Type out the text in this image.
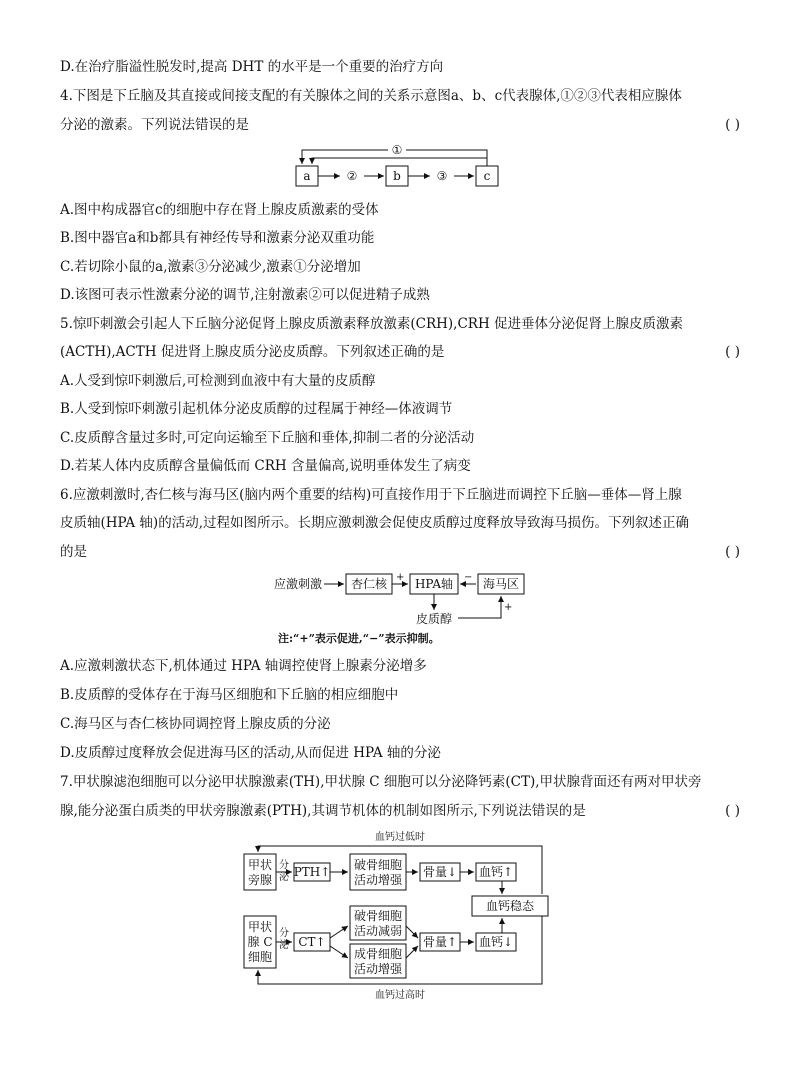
D.在治疗脂溢性脱发时,提高 DHT 的水平是一个重要的治疗方向
4.下图是下丘脑及其直接或间接支配的有关腺体之间的关系示意图a、b、c代表腺体,①②③代表相应腺体
分泌的激素。下列说法错误的是	( )
a	b	c
②	③
①
A.图中构成器官c的细胞中存在肾上腺皮质激素的受体
B.图中器官a和b都具有神经传导和激素分泌双重功能
C.若切除小鼠的a,激素③分泌减少,激素①分泌增加
D.该图可表示性激素分泌的调节,注射激素②可以促进精子成熟
5.惊吓刺激会引起人下丘脑分泌促肾上腺皮质激素释放激素(CRH),CRH 促进垂体分泌促肾上腺皮质激素
(ACTH),ACTH 促进肾上腺皮质分泌皮质醇。下列叙述正确的是	( )
A.人受到惊吓刺激后,可检测到血液中有大量的皮质醇
B.人受到惊吓刺激引起机体分泌皮质醇的过程属于神经—体液调节
C.皮质醇含量过多时,可定向运输至下丘脑和垂体,抑制二者的分泌活动
D.若某人体内皮质醇含量偏低而 CRH 含量偏高,说明垂体发生了病变
6.应激刺激时,杏仁核与海马区(脑内两个重要的结构)可直接作用于下丘脑进而调控下丘脑—垂体—肾上腺
皮质轴(HPA 轴)的活动,过程如图所示。长期应激刺激会促使皮质醇过度释放导致海马损伤。下列叙述正确
的是	( )
应激刺激 杏仁核 + HPA轴 − 海马区
皮质醇
+
注:“+”表示促进,“−”表示抑制。
A.应激刺激状态下,机体通过 HPA 轴调控使肾上腺素分泌增多
B.皮质醇的受体存在于海马区细胞和下丘脑的相应细胞中
C.海马区与杏仁核协同调控肾上腺皮质的分泌
D.皮质醇过度释放会促进海马区的活动,从而促进 HPA 轴的分泌
7.甲状腺滤泡细胞可以分泌甲状腺激素(TH),甲状腺 C 细胞可以分泌降钙素(CT),甲状腺背面还有两对甲状旁
腺,能分泌蛋白质类的甲状旁腺激素(PTH),其调节机体的机制如图所示,下列说法错误的是	( )
血钙过低时
甲状
旁腺
分
泌 PTH↑ 破骨细胞
活动增强
骨量↓ 血钙↑
血钙稳态
甲状
腺 C
细胞
分
泌 CT↑
破骨细胞
活动减弱
成骨细胞
活动增强
骨量↑ 血钙↓
血钙过高时
